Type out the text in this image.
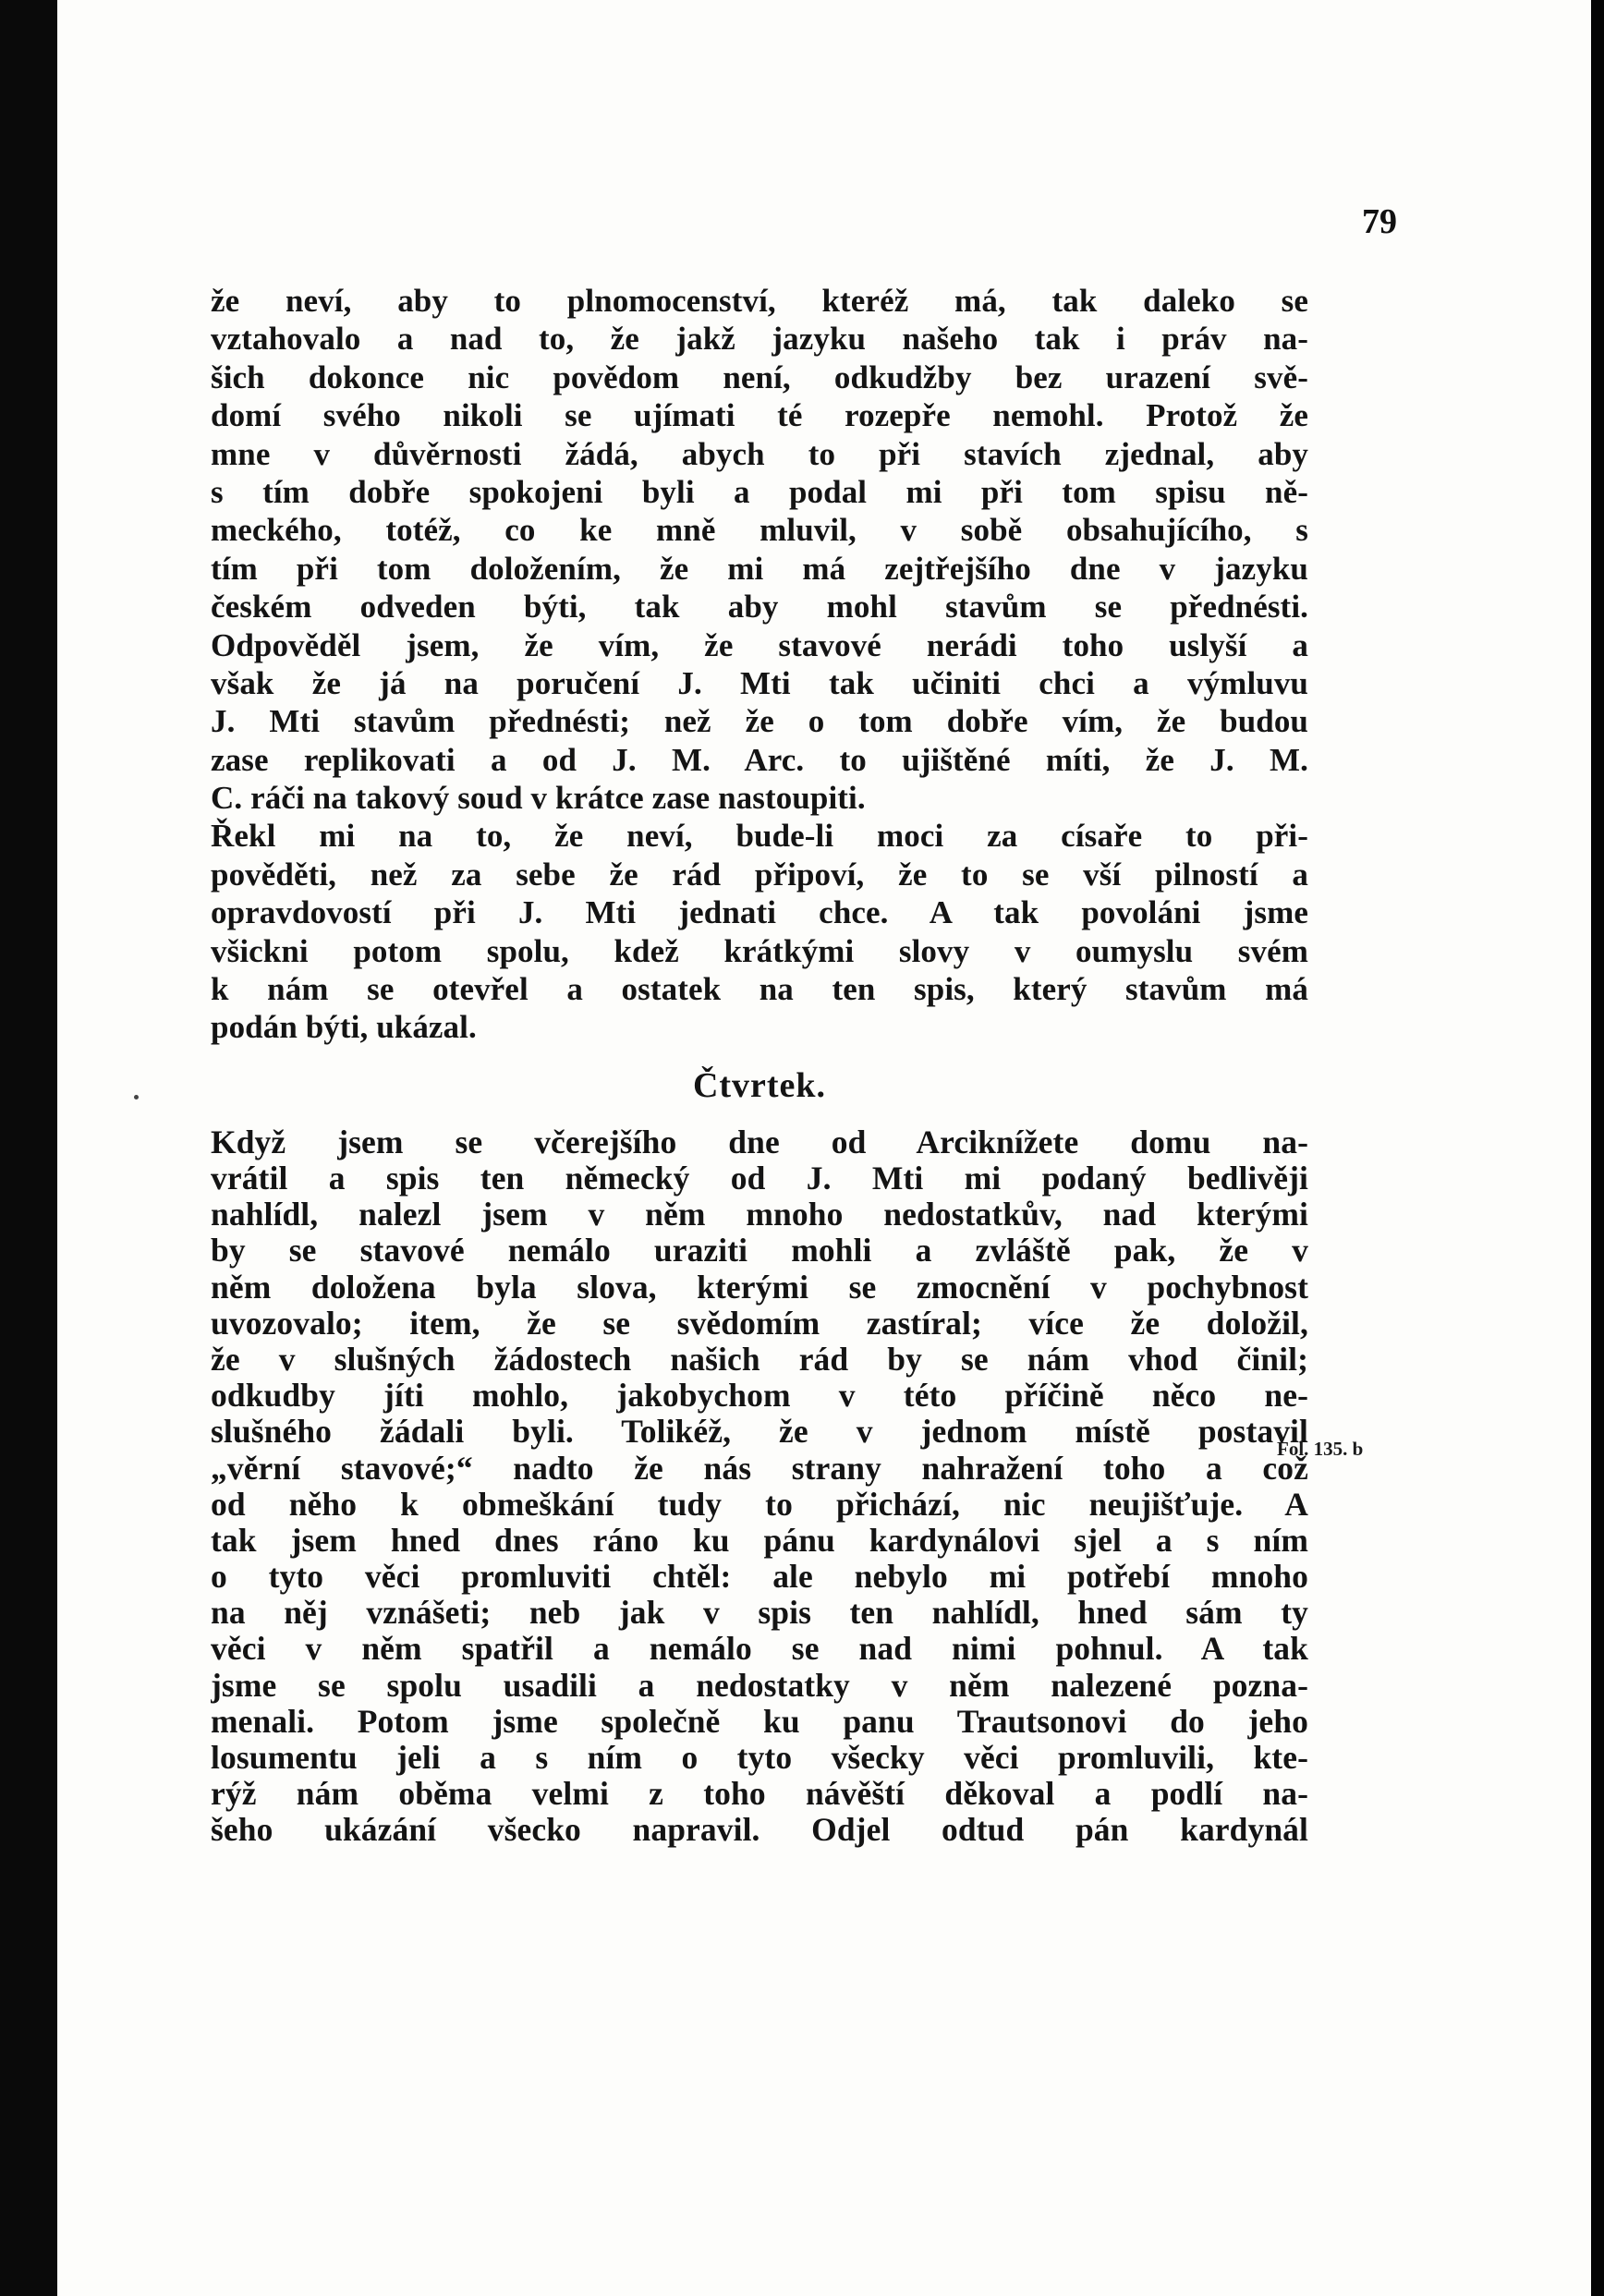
79

že neví, aby to plnomocenství, kteréž má, tak daleko se
vztahovalo a nad to, že jakž jazyku našeho tak i práv na-
šich dokonce nic povědom není, odkudžby bez urazení svě-
domí svého nikoli se ujímati té rozepře nemohl. Protož že
mne v důvěrnosti žádá, abych to při stavích zjednal, aby
s tím dobře spokojeni byli a podal mi při tom spisu ně-
meckého, totéž, co ke mně mluvil, v sobě obsahujícího, s
tím při tom doložením, že mi má zejtřejšího dne v jazyku
českém odveden býti, tak aby mohl stavům se přednésti.
Odpověděl jsem, že vím, že stavové nerádi toho uslyší a
však že já na poručení J. Mti tak učiniti chci a výmluvu
J. Mti stavům přednésti; než že o tom dobře vím, že budou
zase replikovati a od J. M. Arc. to ujištěné míti, že J. M.
C. ráči na takový soud v krátce zase nastoupiti.
Řekl mi na to, že neví, bude-li moci za císaře to při-
pověděti, než za sebe že rád připoví, že to se vší pilností a
opravdovostí při J. Mti jednati chce. A tak povoláni jsme
všickni potom spolu, kdež krátkými slovy v oumyslu svém
k nám se otevřel a ostatek na ten spis, který stavům má
podán býti, ukázal.
Čtvrtek.
Když jsem se včerejšího dne od Arciknížete domu na-
vrátil a spis ten německý od J. Mti mi podaný bedlivěji
nahlídl, nalezl jsem v něm mnoho nedostatkův, nad kterými
by se stavové nemálo uraziti mohli a zvláště pak, že v
něm doložena byla slova, kterými se zmocnění v pochybnost
uvozovalo; item, že se svědomím zastíral; více že doložil,
že v slušných žádostech našich rád by se nám vhod činil;
odkudby jíti mohlo, jakobychom v této příčině něco ne-
slušného žádali byli. Tolikéž, že v jednom místě postavil
„věrní stavové;“ nadto že nás strany nahražení toho a což
od něho k obmeškání tudy to přichází, nic neujišťuje. A
tak jsem hned dnes ráno ku pánu kardynálovi sjel a s ním
o tyto věci promluviti chtěl: ale nebylo mi potřebí mnoho
na něj vznášeti; neb jak v spis ten nahlídl, hned sám ty
věci v něm spatřil a nemálo se nad nimi pohnul. A tak
jsme se spolu usadili a nedostatky v něm nalezené pozna-
menali. Potom jsme společně ku panu Trautsonovi do jeho
losumentu jeli a s ním o tyto všecky věci promluvili, kte-
rýž nám oběma velmi z toho návěští děkoval a podlí na-
šeho ukázání všecko napravil. Odjel odtud pán kardynál

Fol. 135. b
